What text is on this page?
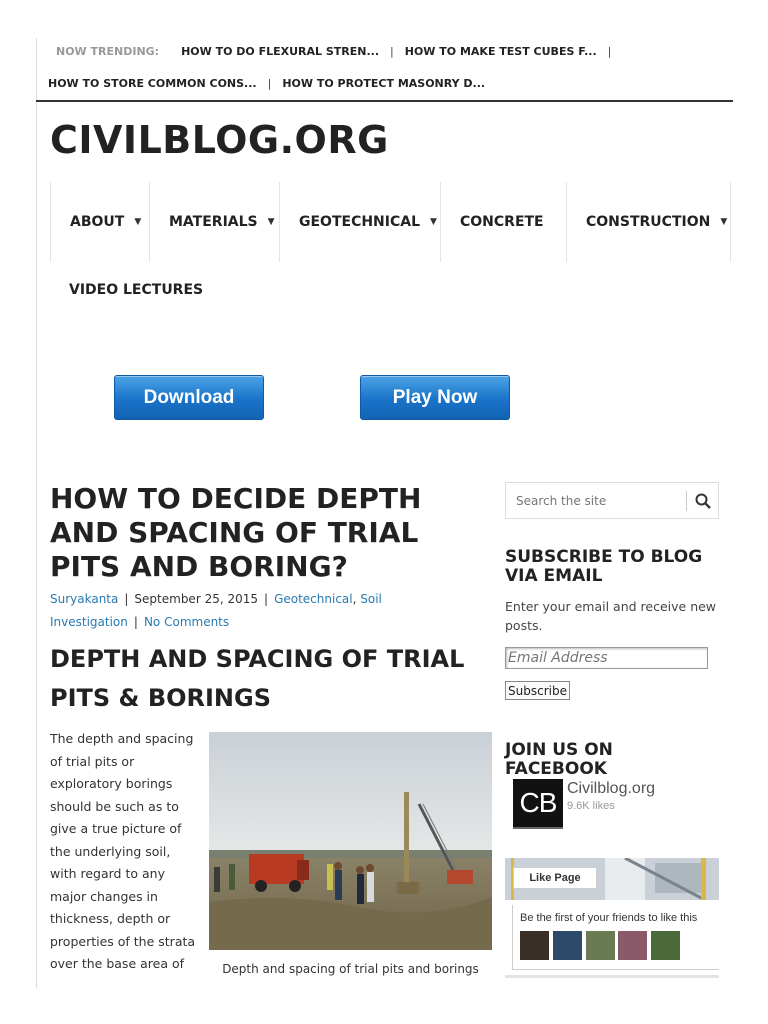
NOW TRENDING: HOW TO DO FLEXURAL STREN... | HOW TO MAKE TEST CUBES F... |
HOW TO STORE COMMON CONS... | HOW TO PROTECT MASONRY D...
CIVILBLOG.ORG
ABOUT ▼ MATERIALS ▼ GEOTECHNICAL ▼ CONCRETE	CONSTRUCTION ▼
VIDEO LECTURES
Download	Play Now
HOW TO DECIDE DEPTH AND SPACING OF TRIAL PITS AND BORING?
Suryakanta | September 25, 2015 | Geotechnical, Soil Investigation | No Comments
DEPTH AND SPACING OF TRIAL PITS & BORINGS

The depth and spacing of trial pits or exploratory borings should be such as to give a true picture of the underlying soil, with regard to any major changes in thickness, depth or properties of the strata over the base area of	Depth and spacing of trial pits and borings
Search the site
SUBSCRIBE TO BLOG VIA EMAIL

Enter your email and receive new posts.

Email Address
Subscribe
JOIN US ON FACEBOOK
CB Civilblog.org
9.6K likes
Like Page
Be the first of your friends to like this
